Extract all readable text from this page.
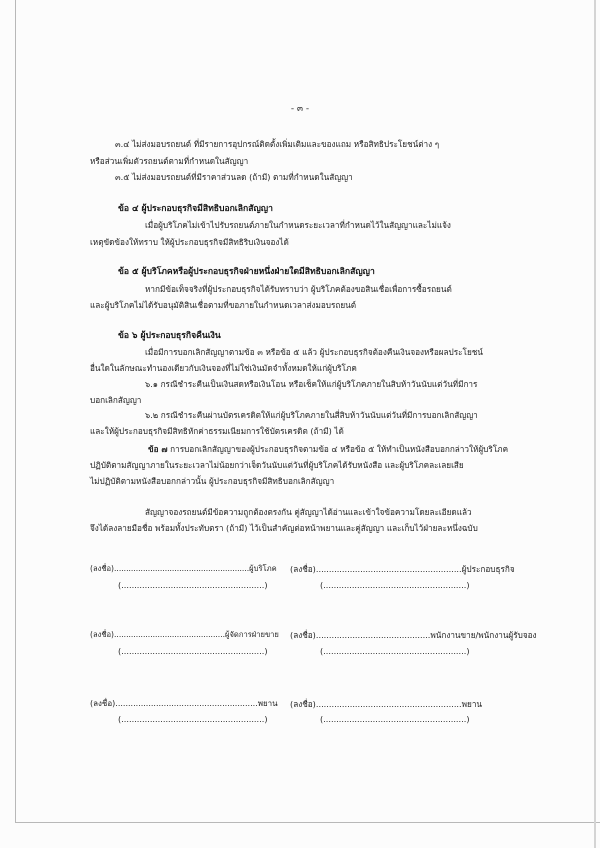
- ๓ -
๓.๔ ไม่ส่งมอบรถยนต์ ที่มีรายการอุปกรณ์ติดตั้งเพิ่มเติมและของแถม หรือสิทธิประโยชน์ต่าง ๆ
หรือส่วนเพิ่มตัวรถยนต์ตามที่กำหนดในสัญญา
๓.๕ ไม่ส่งมอบรถยนต์ที่มีราคาส่วนลด (ถ้ามี) ตามที่กำหนดในสัญญา
ข้อ ๔ ผู้ประกอบธุรกิจมีสิทธิบอกเลิกสัญญา
เมื่อผู้บริโภคไม่เข้าไปรับรถยนต์ภายในกำหนดระยะเวลาที่กำหนดไว้ในสัญญาและไม่แจ้ง
เหตุขัดข้องให้ทราบ ให้ผู้ประกอบธุรกิจมีสิทธิริบเงินจองได้
ข้อ ๕ ผู้บริโภคหรือผู้ประกอบธุรกิจฝ่ายหนึ่งฝ่ายใดมีสิทธิบอกเลิกสัญญา
หากมีข้อเท็จจริงที่ผู้ประกอบธุรกิจได้รับทราบว่า ผู้บริโภคต้องขอสินเชื่อเพื่อการซื้อรถยนต์
และผู้บริโภคไม่ได้รับอนุมัติสินเชื่อตามที่ขอภายในกำหนดเวลาส่งมอบรถยนต์
ข้อ ๖ ผู้ประกอบธุรกิจคืนเงิน
เมื่อมีการบอกเลิกสัญญาตามข้อ ๓ หรือข้อ ๕ แล้ว ผู้ประกอบธุรกิจต้องคืนเงินจองหรือผลประโยชน์
อื่นใดในลักษณะทำนองเดียวกับเงินจองที่ไม่ใช่เงินมัดจำทั้งหมดให้แก่ผู้บริโภค
๖.๑ กรณีชำระคืนเป็นเงินสดหรือเงินโอน หรือเช็คให้แก่ผู้บริโภคภายในสิบห้าวันนับแต่วันที่มีการ
บอกเลิกสัญญา
๖.๒ กรณีชำระคืนผ่านบัตรเครดิตให้แก่ผู้บริโภคภายในสี่สิบห้าวันนับแต่วันที่มีการบอกเลิกสัญญา
และให้ผู้ประกอบธุรกิจมีสิทธิหักค่าธรรมเนียมการใช้บัตรเครดิต (ถ้ามี) ได้
ข้อ ๗ การบอกเลิกสัญญาของผู้ประกอบธุรกิจตามข้อ ๔ หรือข้อ ๕ ให้ทำเป็นหนังสือบอกกล่าวให้ผู้บริโภค
ปฏิบัติตามสัญญาภายในระยะเวลาไม่น้อยกว่าเจ็ดวันนับแต่วันที่ผู้บริโภคได้รับหนังสือ และผู้บริโภคละเลยเสีย
ไม่ปฏิบัติตามหนังสือบอกกล่าวนั้น ผู้ประกอบธุรกิจมีสิทธิบอกเลิกสัญญา
สัญญาจองรถยนต์มีข้อความถูกต้องตรงกัน คู่สัญญาได้อ่านและเข้าใจข้อความโดยละเอียดแล้ว
จึงได้ลงลายมือชื่อ พร้อมทั้งประทับตรา (ถ้ามี) ไว้เป็นสำคัญต่อหน้าพยานและคู่สัญญา และเก็บไว้ฝ่ายละหนึ่งฉบับ
(ลงชื่อ)........................................................ผู้บริโภค
(.......................................................)
(ลงชื่อ)........................................................ผู้ประกอบธุรกิจ
(.......................................................)
(ลงชื่อ)..............................................ผู้จัดการฝ่ายขาย
(.......................................................)
(ลงชื่อ)............................................พนักงานขาย/พนักงานผู้รับจอง
(.......................................................)
(ลงชื่อ)........................................................พยาน
(.......................................................)
(ลงชื่อ)........................................................พยาน
(.......................................................)
